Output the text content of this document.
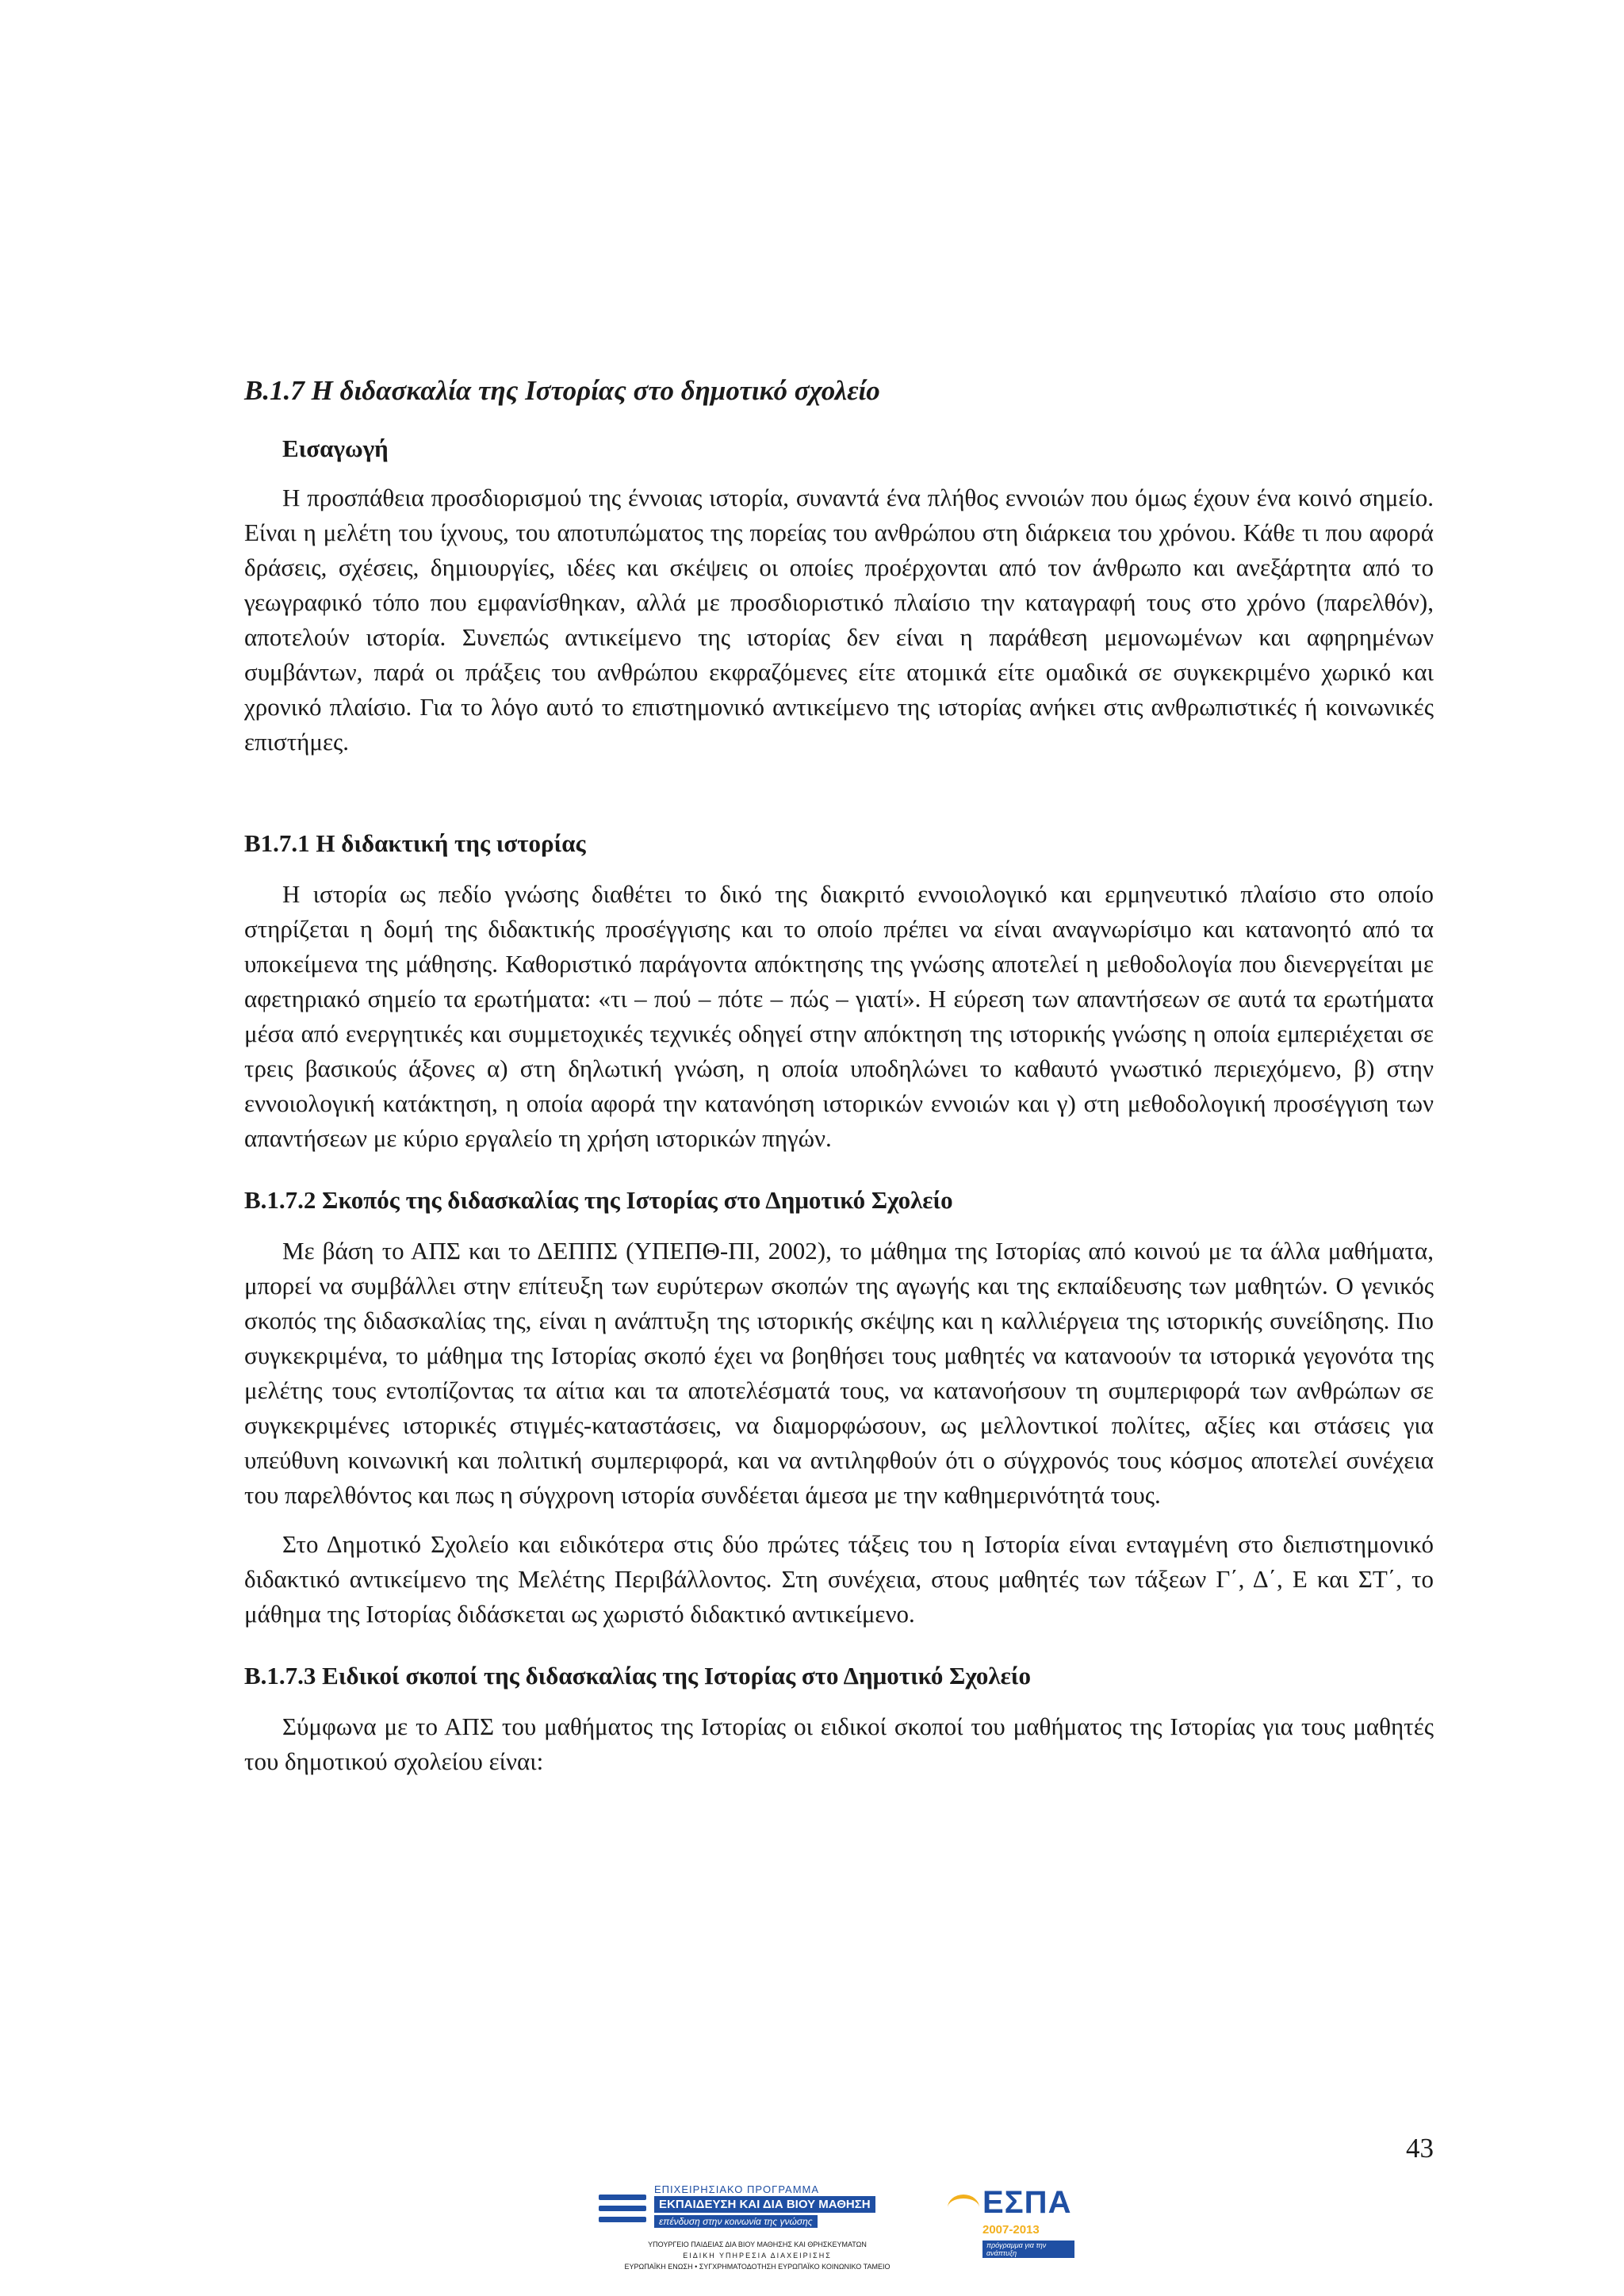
B.1.7 Η διδασκαλία της Ιστορίας στο δημοτικό σχολείο
Εισαγωγή

Η προσπάθεια προσδιορισμού της έννοιας ιστορία, συναντά ένα πλήθος εννοιών που όμως έχουν ένα κοινό σημείο. Είναι η μελέτη του ίχνους, του αποτυπώματος της πορείας του ανθρώπου στη διάρκεια του χρόνου. Κάθε τι που αφορά δράσεις, σχέσεις, δημιουργίες, ιδέες και σκέψεις οι οποίες προέρχονται από τον άνθρωπο και ανεξάρτητα από το γεωγραφικό τόπο που εμφανίσθηκαν, αλλά με προσδιοριστικό πλαίσιο την καταγραφή τους στο χρόνο (παρελθόν), αποτελούν ιστορία. Συνεπώς αντικείμενο της ιστορίας δεν είναι η παράθεση μεμονωμένων και αφηρημένων συμβάντων, παρά οι πράξεις του ανθρώπου εκφραζόμενες είτε ατομικά είτε ομαδικά σε συγκεκριμένο χωρικό και χρονικό πλαίσιο. Για το λόγο αυτό το επιστημονικό αντικείμενο της ιστορίας ανήκει στις ανθρωπιστικές ή κοινωνικές επιστήμες.

B1.7.1 Η διδακτική της ιστορίας

Η ιστορία ως πεδίο γνώσης διαθέτει το δικό της διακριτό εννοιολογικό και ερμηνευτικό πλαίσιο στο οποίο στηρίζεται η δομή της διδακτικής προσέγγισης και το οποίο πρέπει να είναι αναγνωρίσιμο και κατανοητό από τα υποκείμενα της μάθησης. Καθοριστικό παράγοντα απόκτησης της γνώσης αποτελεί η μεθοδολογία που διενεργείται με αφετηριακό σημείο τα ερωτήματα: «τι – πού – πότε – πώς – γιατί». Η εύρεση των απαντήσεων σε αυτά τα ερωτήματα μέσα από ενεργητικές και συμμετοχικές τεχνικές οδηγεί στην απόκτηση της ιστορικής γνώσης η οποία εμπεριέχεται σε τρεις βασικούς άξονες α) στη δηλωτική γνώση, η οποία υποδηλώνει το καθαυτό γνωστικό περιεχόμενο, β) στην εννοιολογική κατάκτηση, η οποία αφορά την κατανόηση ιστορικών εννοιών και γ) στη μεθοδολογική προσέγγιση των απαντήσεων με κύριο εργαλείο τη χρήση ιστορικών πηγών.

B.1.7.2 Σκοπός της διδασκαλίας της Ιστορίας στο Δημοτικό Σχολείο

Με βάση το ΑΠΣ και το ΔΕΠΠΣ (ΥΠΕΠΘ-ΠΙ, 2002), το μάθημα της Ιστορίας από κοινού με τα άλλα μαθήματα, μπορεί να συμβάλλει στην επίτευξη των ευρύτερων σκοπών της αγωγής και της εκπαίδευσης των μαθητών. Ο γενικός σκοπός της διδασκαλίας της, είναι η ανάπτυξη της ιστορικής σκέψης και η καλλιέργεια της ιστορικής συνείδησης. Πιο συγκεκριμένα, το μάθημα της Ιστορίας σκοπό έχει να βοηθήσει τους μαθητές να κατανοούν τα ιστορικά γεγονότα της μελέτης τους εντοπίζοντας τα αίτια και τα αποτελέσματά τους, να κατανοήσουν τη συμπεριφορά των ανθρώπων σε συγκεκριμένες ιστορικές στιγμές-καταστάσεις, να διαμορφώσουν, ως μελλοντικοί πολίτες, αξίες και στάσεις για υπεύθυνη κοινωνική και πολιτική συμπεριφορά, και να αντιληφθούν ότι ο σύγχρονός τους κόσμος αποτελεί συνέχεια του παρελθόντος και πως η σύγχρονη ιστορία συνδέεται άμεσα με την καθημερινότητά τους.

Στο Δημοτικό Σχολείο και ειδικότερα στις δύο πρώτες τάξεις του η Ιστορία είναι ενταγμένη στο διεπιστημονικό διδακτικό αντικείμενο της Μελέτης Περιβάλλοντος. Στη συνέχεια, στους μαθητές των τάξεων Γ΄, Δ΄, Ε και ΣΤ΄, το μάθημα της Ιστορίας διδάσκεται ως χωριστό διδακτικό αντικείμενο.

B.1.7.3 Ειδικοί σκοποί της διδασκαλίας της Ιστορίας στο Δημοτικό Σχολείο

Σύμφωνα με το ΑΠΣ του μαθήματος της Ιστορίας οι ειδικοί σκοποί του μαθήματος της Ιστορίας για τους μαθητές του δημοτικού σχολείου είναι:

43
ΕΠΙΧΕΙΡΗΣΙΑΚΟ ΠΡΟΓΡΑΜΜΑ
ΕΚΠΑΙΔΕΥΣΗ ΚΑΙ ΔΙΑ ΒΙΟΥ ΜΑΘΗΣΗ
επένδυση στην κοινωνία της γνώσης
ΥΠΟΥΡΓΕΙΟ ΠΑΙΔΕΙΑΣ ΔΙΑ ΒΙΟΥ ΜΑΘΗΣΗΣ ΚΑΙ ΘΡΗΣΚΕΥΜΑΤΩΝ
ΕΙΔΙΚΗ ΥΠΗΡΕΣΙΑ ΔΙΑΧΕΙΡΙΣΗΣ
ΕΥΡΩΠΑΪΚΗ ΕΝΩΣΗ • ΣΥΓΧΡΗΜΑΤΟΔΟΤΗΣΗ ΕΥΡΩΠΑΪΚΟ ΚΟΙΝΩΝΙΚΟ ΤΑΜΕΙΟ
ΕΣΠΑ
2007-2013
πρόγραμμα για την ανάπτυξη
